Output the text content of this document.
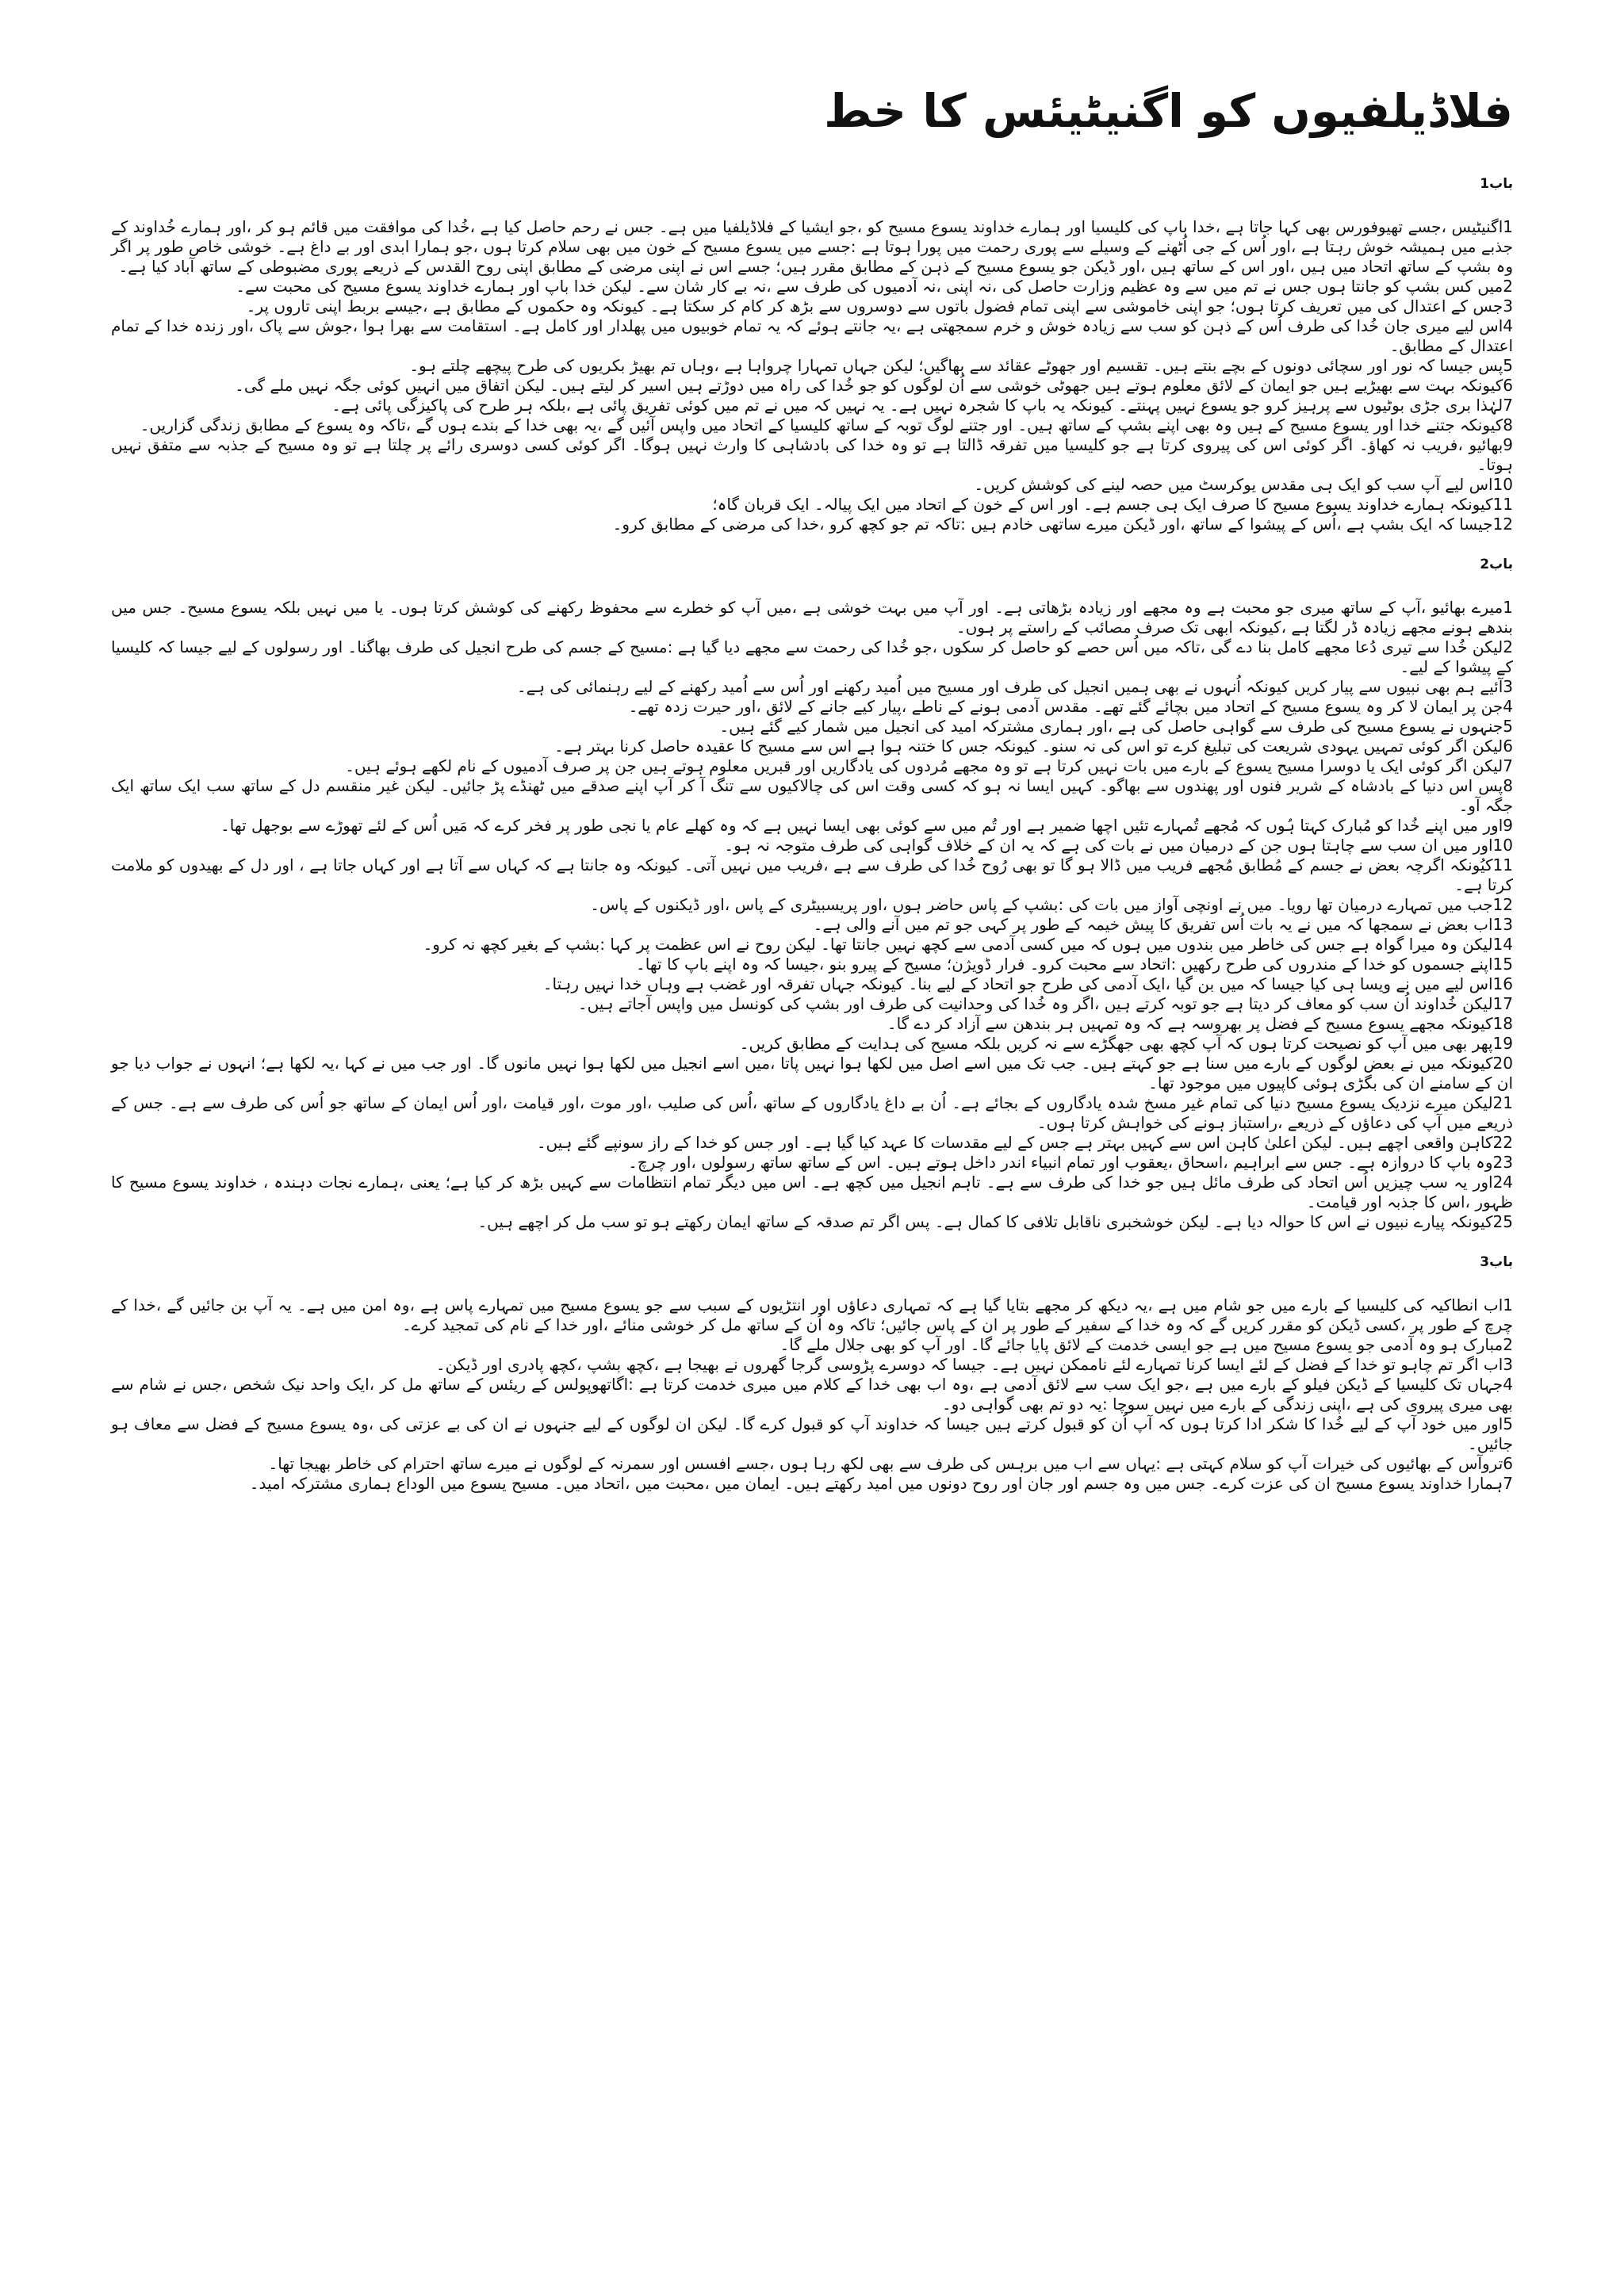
فلاڈیلفیوں کو اگنیٹیئس کا خط
باب1

1اگنیٹیس ،جسے تھیوفورس بھی کہا جاتا ہے ،خدا باپ کی کلیسیا اور ہمارے خداوند یسوع مسیح کو ،جو ایشیا کے فلاڈیلفیا میں ہے۔ جس نے رحم حاصل کیا ہے ،خُدا کی موافقت میں قائم ہو کر ،اور ہمارے خُداوند کے جذبے میں ہمیشہ خوش رہتا ہے ،اور اُس کے جی اُٹھنے کے وسیلے سے پوری رحمت میں پورا ہوتا ہے :جسے میں یسوع مسیح کے خون میں بھی سلام کرتا ہوں ،جو ہمارا ابدی اور بے داغ ہے۔ خوشی خاص طور پر اگر وہ بشپ کے ساتھ اتحاد میں ہیں ،اور اس کے ساتھ ہیں ،اور ڈیکن جو یسوع مسیح کے ذہن کے مطابق مقرر ہیں؛ جسے اس نے اپنی مرضی کے مطابق اپنی روح القدس کے ذریعے پوری مضبوطی کے ساتھ آباد کیا ہے۔

2میں کس بشپ کو جانتا ہوں جس نے تم میں سے وہ عظیم وزارت حاصل کی ،نہ اپنی ،نہ آدمیوں کی طرف سے ،نہ بے کار شان سے۔ لیکن خدا باپ اور ہمارے خداوند یسوع مسیح کی محبت سے۔

3جس کے اعتدال کی میں تعریف کرتا ہوں؛ جو اپنی خاموشی سے اپنی تمام فضول باتوں سے دوسروں سے بڑھ کر کام کر سکتا ہے۔ کیونکہ وہ حکموں کے مطابق ہے ،جیسے بربط اپنی تاروں پر۔

4اس لیے میری جان خُدا کی طرف اُس کے ذہن کو سب سے زیادہ خوش و خرم سمجھتی ہے ،یہ جانتے ہوئے کہ یہ تمام خوبیوں میں پھلدار اور کامل ہے۔ استقامت سے بھرا ہوا ،جوش سے پاک ،اور زندہ خدا کے تمام اعتدال کے مطابق۔

5پس جیسا کہ نور اور سچائی دونوں کے بچے بنتے ہیں۔ تقسیم اور جھوٹے عقائد سے بھاگیں؛ لیکن جہاں تمہارا چرواہا ہے ،وہاں تم بھیڑ بکریوں کی طرح پیچھے چلتے ہو۔

6کیونکہ بہت سے بھیڑیے ہیں جو ایمان کے لائق معلوم ہوتے ہیں جھوٹی خوشی سے اُن لوگوں کو جو خُدا کی راہ میں دوڑتے ہیں اسیر کر لیتے ہیں۔ لیکن اتفاق میں انہیں کوئی جگہ نہیں ملے گی۔

7لہٰذا بری جڑی بوٹیوں سے پرہیز کرو جو یسوع نہیں پہنتے۔ کیونکہ یہ باپ کا شجرہ نہیں ہے۔ یہ نہیں کہ میں نے تم میں کوئی تفریق پائی ہے ،بلکہ ہر طرح کی پاکیزگی پائی ہے۔

8کیونکہ جتنے خدا اور یسوع مسیح کے ہیں وہ بھی اپنے بشپ کے ساتھ ہیں۔ اور جتنے لوگ توبہ کے ساتھ کلیسیا کے اتحاد میں واپس آئیں گے ،یہ بھی خدا کے بندے ہوں گے ،تاکہ وہ یسوع کے مطابق زندگی گزاریں۔

9بھائیو ،فریب نہ کھاؤ۔ اگر کوئی اس کی پیروی کرتا ہے جو کلیسیا میں تفرقہ ڈالتا ہے تو وہ خدا کی بادشاہی کا وارث نہیں ہوگا۔ اگر کوئی کسی دوسری رائے پر چلتا ہے تو وہ مسیح کے جذبہ سے متفق نہیں ہوتا۔

10اس لیے آپ سب کو ایک ہی مقدس یوکرسٹ میں حصہ لینے کی کوشش کریں۔

11کیونکہ ہمارے خداوند یسوع مسیح کا صرف ایک ہی جسم ہے۔ اور اس کے خون کے اتحاد میں ایک پیالہ۔ ایک قربان گاہ؛

12جیسا کہ ایک بشپ ہے ،اُس کے پیشوا کے ساتھ ،اور ڈیکن میرے ساتھی خادم ہیں :تاکہ تم جو کچھ کرو ،خدا کی مرضی کے مطابق کرو۔

باب2

1میرے بھائیو ،آپ کے ساتھ میری جو محبت ہے وہ مجھے اور زیادہ بڑھاتی ہے۔ اور آپ میں بہت خوشی ہے ،میں آپ کو خطرے سے محفوظ رکھنے کی کوشش کرتا ہوں۔ یا میں نہیں بلکہ یسوع مسیح۔ جس میں بندھے ہونے مجھے زیادہ ڈر لگتا ہے ،کیونکہ ابھی تک صرف مصائب کے راستے پر ہوں۔

2لیکن خُدا سے تیری دُعا مجھے کامل بنا دے گی ،تاکہ میں اُس حصے کو حاصل کر سکوں ،جو خُدا کی رحمت سے مجھے دیا گیا ہے :مسیح کے جسم کی طرح انجیل کی طرف بھاگنا۔ اور رسولوں کے لیے جیسا کہ کلیسیا کے پیشوا کے لیے۔

3آئیے ہم بھی نبیوں سے پیار کریں کیونکہ اُنہوں نے بھی ہمیں انجیل کی طرف اور مسیح میں اُمید رکھنے اور اُس سے اُمید رکھنے کے لیے رہنمائی کی ہے۔

4جن پر ایمان لا کر وہ یسوع مسیح کے اتحاد میں بچائے گئے تھے۔ مقدس آدمی ہونے کے ناطے ،پیار کیے جانے کے لائق ،اور حیرت زدہ تھے۔

5جنہوں نے یسوع مسیح کی طرف سے گواہی حاصل کی ہے ،اور ہماری مشترکہ امید کی انجیل میں شمار کیے گئے ہیں۔

6لیکن اگر کوئی تمہیں یہودی شریعت کی تبلیغ کرے تو اس کی نہ سنو۔ کیونکہ جس کا ختنہ ہوا ہے اس سے مسیح کا عقیدہ حاصل کرنا بہتر ہے۔

7لیکن اگر کوئی ایک یا دوسرا مسیح یسوع کے بارے میں بات نہیں کرتا ہے تو وہ مجھے مُردوں کی یادگاریں اور قبریں معلوم ہوتے ہیں جن پر صرف آدمیوں کے نام لکھے ہوئے ہیں۔

8پس اس دنیا کے بادشاہ کے شریر فنوں اور پھندوں سے بھاگو۔ کہیں ایسا نہ ہو کہ کسی وقت اس کی چالاکیوں سے تنگ آ کر آپ اپنے صدقے میں ٹھنڈے پڑ جائیں۔ لیکن غیر منقسم دل کے ساتھ سب ایک ساتھ ایک جگہ آو۔

9اور میں اپنے خُدا کو مُبارک کہتا ہُوں کہ مُجھے تُمہارے تئیں اچھا ضمیر ہے اور تُم میں سے کوئی بھی ایسا نہیں ہے کہ وہ کھلے عام یا نجی طور پر فخر کرے کہ مَیں اُس کے لئے تھوڑے سے بوجھل تھا۔

10اور میں ان سب سے چاہتا ہوں جن کے درمیان میں نے بات کی ہے کہ یہ ان کے خلاف گواہی کی طرف متوجہ نہ ہو۔

11کیُونکہ اگرچہ بعض نے جسم کے مُطابق مُجھے فریب میں ڈالا ہو گا تو بھی رُوح خُدا کی طرف سے ہے ،فریب میں نہیں آتی۔ کیونکہ وہ جانتا ہے کہ کہاں سے آتا ہے اور کہاں جاتا ہے ، اور دل کے بھیدوں کو ملامت کرتا ہے۔

12جب میں تمہارے درمیان تھا رویا۔ میں نے اونچی آواز میں بات کی :بشپ کے پاس حاضر ہوں ،اور پریسبیٹری کے پاس ،اور ڈیکنوں کے پاس۔

13اب بعض نے سمجھا کہ میں نے یہ بات اُس تفریق کا پیش خیمہ کے طور پر کہی جو تم میں آنے والی ہے۔

14لیکن وہ میرا گواہ ہے جس کی خاطر میں بندوں میں ہوں کہ میں کسی آدمی سے کچھ نہیں جانتا تھا۔ لیکن روح نے اس عظمت پر کہا :بشپ کے بغیر کچھ نہ کرو۔

15اپنے جسموں کو خدا کے مندروں کی طرح رکھیں :اتحاد سے محبت کرو۔ فرار ڈویژن؛ مسیح کے پیرو بنو ،جیسا کہ وہ اپنے باپ کا تھا۔

16اس لیے میں نے ویسا ہی کیا جیسا کہ میں بن گیا ،ایک آدمی کی طرح جو اتحاد کے لیے بنا۔ کیونکہ جہاں تفرقہ اور غضب ہے وہاں خدا نہیں رہتا۔

17لیکن خُداوند اُن سب کو معاف کر دیتا ہے جو توبہ کرتے ہیں ،اگر وہ خُدا کی وحدانیت کی طرف اور بشپ کی کونسل میں واپس آجاتے ہیں۔

18کیونکہ مجھے یسوع مسیح کے فضل پر بھروسہ ہے کہ وہ تمہیں ہر بندھن سے آزاد کر دے گا۔

19پھر بھی میں آپ کو نصیحت کرتا ہوں کہ آپ کچھ بھی جھگڑے سے نہ کریں بلکہ مسیح کی ہدایت کے مطابق کریں۔

20کیونکہ میں نے بعض لوگوں کے بارے میں سنا ہے جو کہتے ہیں۔ جب تک میں اسے اصل میں لکھا ہوا نہیں پاتا ،میں اسے انجیل میں لکھا ہوا نہیں مانوں گا۔ اور جب میں نے کہا ،یہ لکھا ہے؛ انہوں نے جواب دیا جو ان کے سامنے ان کی بگڑی ہوئی کاپیوں میں موجود تھا۔

21لیکن میرے نزدیک یسوع مسیح دنیا کی تمام غیر مسخ شدہ یادگاروں کے بجائے ہے۔ اُن بے داغ یادگاروں کے ساتھ ،اُس کی صلیب ،اور موت ،اور قیامت ،اور اُس ایمان کے ساتھ جو اُس کی طرف سے ہے۔ جس کے ذریعے میں آپ کی دعاؤں کے ذریعے ،راستباز ہونے کی خواہش کرتا ہوں۔

22کاہن واقعی اچھے ہیں۔ لیکن اعلیٰ کاہن اس سے کہیں بہتر ہے جس کے لیے مقدسات کا عہد کیا گیا ہے۔ اور جس کو خدا کے راز سونپے گئے ہیں۔

23وہ باپ کا دروازہ ہے۔ جس سے ابراہیم ،اسحاق ،یعقوب اور تمام انبیاء اندر داخل ہوتے ہیں۔ اس کے ساتھ ساتھ رسولوں ،اور چرچ۔

24اور یہ سب چیزیں اُس اتحاد کی طرف مائل ہیں جو خدا کی طرف سے ہے۔ تاہم انجیل میں کچھ ہے۔ اس میں دیگر تمام انتظامات سے کہیں بڑھ کر کیا ہے؛ یعنی ،ہمارے نجات دہندہ ، خداوند یسوع مسیح کا ظہور ،اس کا جذبہ اور قیامت۔

25کیونکہ پیارے نبیوں نے اس کا حوالہ دیا ہے۔ لیکن خوشخبری ناقابل تلافی کا کمال ہے۔ پس اگر تم صدقہ کے ساتھ ایمان رکھتے ہو تو سب مل کر اچھے ہیں۔

باب3

1اب انطاکیہ کی کلیسیا کے بارے میں جو شام میں ہے ،یہ دیکھ کر مجھے بتایا گیا ہے کہ تمہاری دعاؤں اور انتڑیوں کے سبب سے جو یسوع مسیح میں تمہارے پاس ہے ،وہ امن میں ہے۔ یہ آپ بن جائیں گے ،خدا کے چرچ کے طور پر ،کسی ڈیکن کو مقرر کریں گے کہ وہ خدا کے سفیر کے طور پر ان کے پاس جائیں؛ تاکہ وہ اُن کے ساتھ مل کر خوشی منائے ،اور خدا کے نام کی تمجید کرے۔

2مبارک ہو وہ آدمی جو یسوع مسیح میں ہے جو ایسی خدمت کے لائق پایا جائے گا۔ اور آپ کو بھی جلال ملے گا۔

3اب اگر تم چاہو تو خدا کے فضل کے لئے ایسا کرنا تمہارے لئے ناممکن نہیں ہے۔ جیسا کہ دوسرے پڑوسی گرجا گھروں نے بھیجا ہے ،کچھ بشپ ،کچھ پادری اور ڈیکن۔

4جہاں تک کلیسیا کے ڈیکن فیلو کے بارے میں ہے ،جو ایک سب سے لائق آدمی ہے ،وہ اب بھی خدا کے کلام میں میری خدمت کرتا ہے :اگاتھوپولس کے ریئس کے ساتھ مل کر ،ایک واحد نیک شخص ،جس نے شام سے بھی میری پیروی کی ہے ،اپنی زندگی کے بارے میں نہیں سوچا :یہ دو تم بھی گواہی دو۔

5اور میں خود آپ کے لیے خُدا کا شکر ادا کرتا ہوں کہ آپ اُن کو قبول کرتے ہیں جیسا کہ خداوند آپ کو قبول کرے گا۔ لیکن ان لوگوں کے لیے جنہوں نے ان کی بے عزتی کی ،وہ یسوع مسیح کے فضل سے معاف ہو جائیں۔

6تروآس کے بھائیوں کی خیرات آپ کو سلام کہتی ہے :یہاں سے اب میں برہس کی طرف سے بھی لکھ رہا ہوں ،جسے افسس اور سمرنہ کے لوگوں نے میرے ساتھ احترام کی خاطر بھیجا تھا۔

7ہمارا خداوند یسوع مسیح ان کی عزت کرے۔ جس میں وہ جسم اور جان اور روح دونوں میں امید رکھتے ہیں۔ ایمان میں ،محبت میں ،اتحاد میں۔ مسیح یسوع میں الوداع ہماری مشترکہ امید۔
